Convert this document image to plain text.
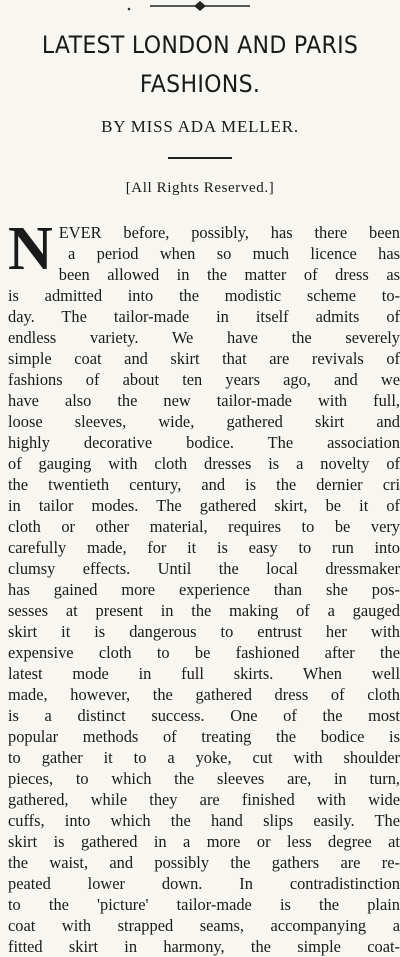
LATEST LONDON AND PARIS
FASHIONS.
BY MISS ADA MELLER.
[All Rights Reserved.]
N EVER before, possibly, has there been
a period when so much licence has
been allowed in the matter of dress as
is admitted into the modistic scheme to-
day. The tailor-made in itself admits of
endless variety. We have the severely
simple coat and skirt that are revivals of
fashions of about ten years ago, and we
have also the new tailor-made with full,
loose sleeves, wide, gathered skirt and
highly decorative bodice. The association
of gauging with cloth dresses is a novelty of
the twentieth century, and is the dernier cri
in tailor modes. The gathered skirt, be it of
cloth or other material, requires to be very
carefully made, for it is easy to run into
clumsy effects. Until the local dressmaker
has gained more experience than she pos-
sesses at present in the making of a gauged
skirt it is dangerous to entrust her with
expensive cloth to be fashioned after the
latest mode in full skirts. When well
made, however, the gathered dress of cloth
is a distinct success. One of the most
popular methods of treating the bodice is
to gather it to a yoke, cut with shoulder
pieces, to which the sleeves are, in turn,
gathered, while they are finished with wide
cuffs, into which the hand slips easily. The
skirt is gathered in a more or less degree at
the waist, and possibly the gathers are re-
peated lower down. In contradistinction
to the 'picture' tailor-made is the plain
coat with strapped seams, accompanying a
fitted skirt in harmony, the simple coat-
